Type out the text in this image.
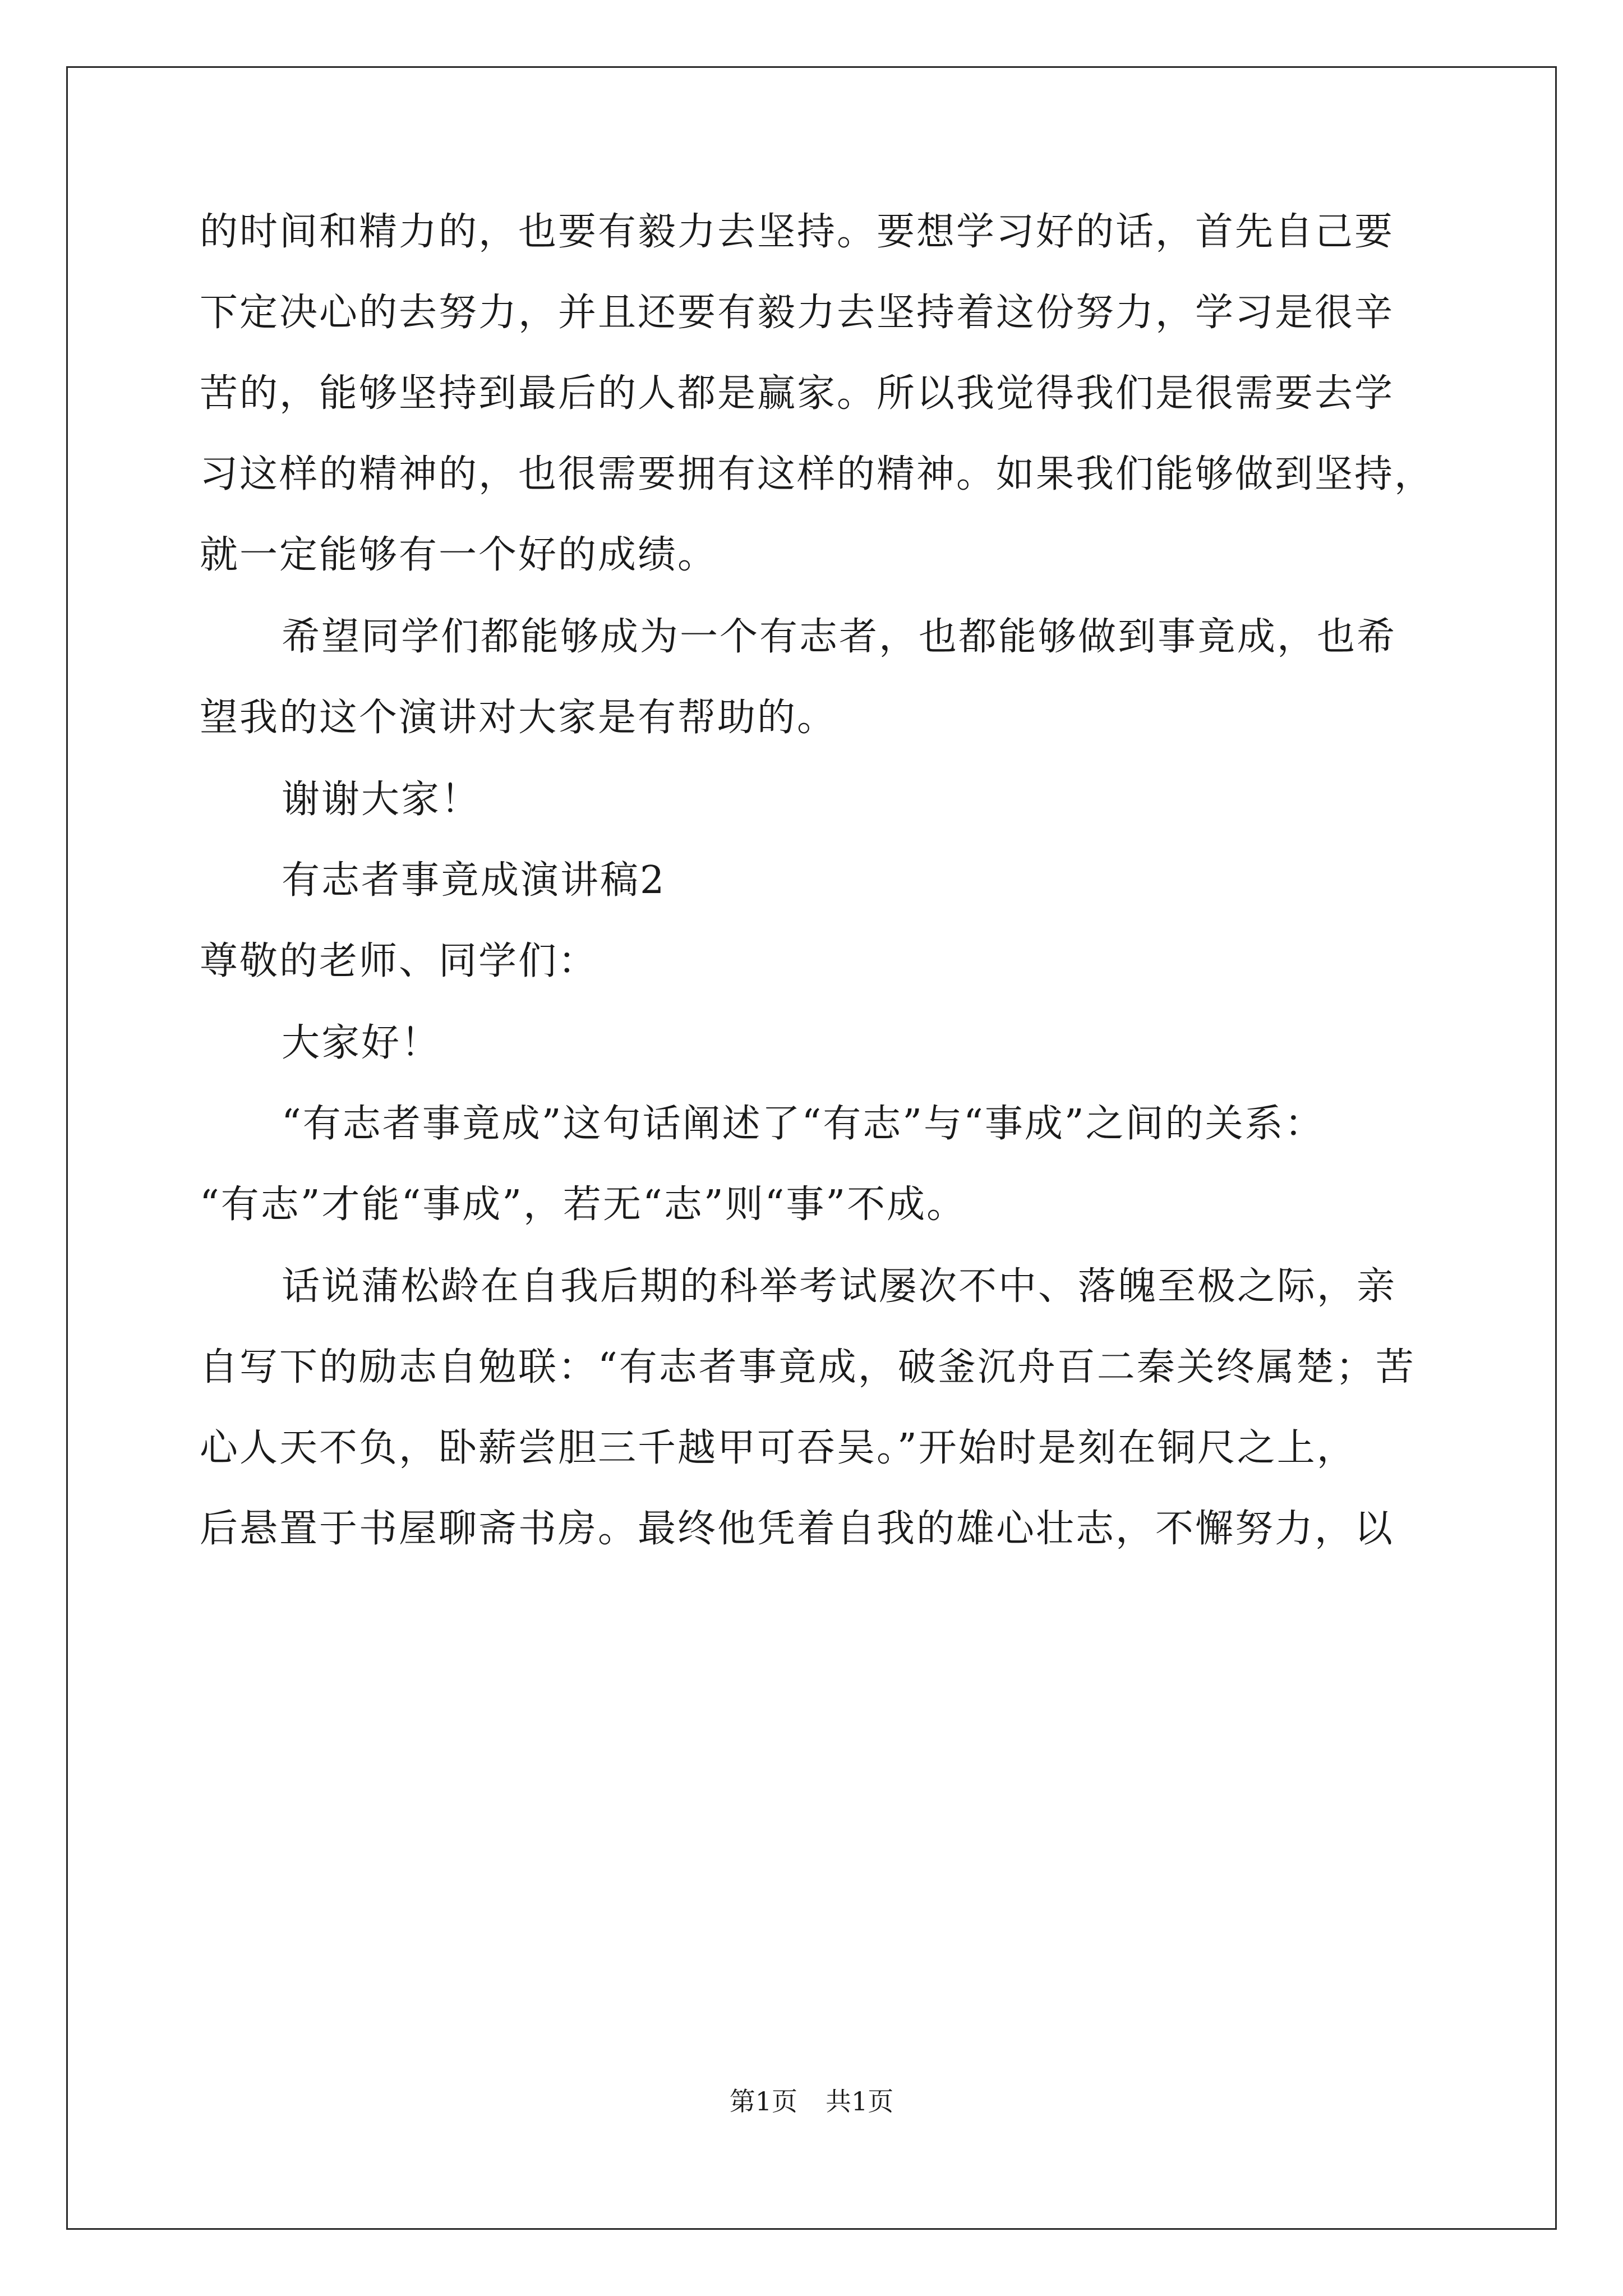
的时间和精力的，也要有毅力去坚持。要想学习好的话，首先自己要
下定决心的去努力，并且还要有毅力去坚持着这份努力，学习是很辛
苦的，能够坚持到最后的人都是赢家。所以我觉得我们是很需要去学
习这样的精神的，也很需要拥有这样的精神。如果我们能够做到坚持，
就一定能够有一个好的成绩。
希望同学们都能够成为一个有志者，也都能够做到事竟成，也希
望我的这个演讲对大家是有帮助的。
谢谢大家！
有志者事竟成演讲稿2
尊敬的老师、同学们：
大家好！
“有志者事竟成”这句话阐述了“有志”与“事成”之间的关系：
“有志”才能“事成”，若无“志”则“事”不成。
话说蒲松龄在自我后期的科举考试屡次不中、落魄至极之际，亲
自写下的励志自勉联：“有志者事竟成，破釜沉舟百二秦关终属楚；苦
心人天不负，卧薪尝胆三千越甲可吞吴。”开始时是刻在铜尺之上，
后悬置于书屋聊斋书房。最终他凭着自我的雄心壮志，不懈努力，以
第1页 共1页
